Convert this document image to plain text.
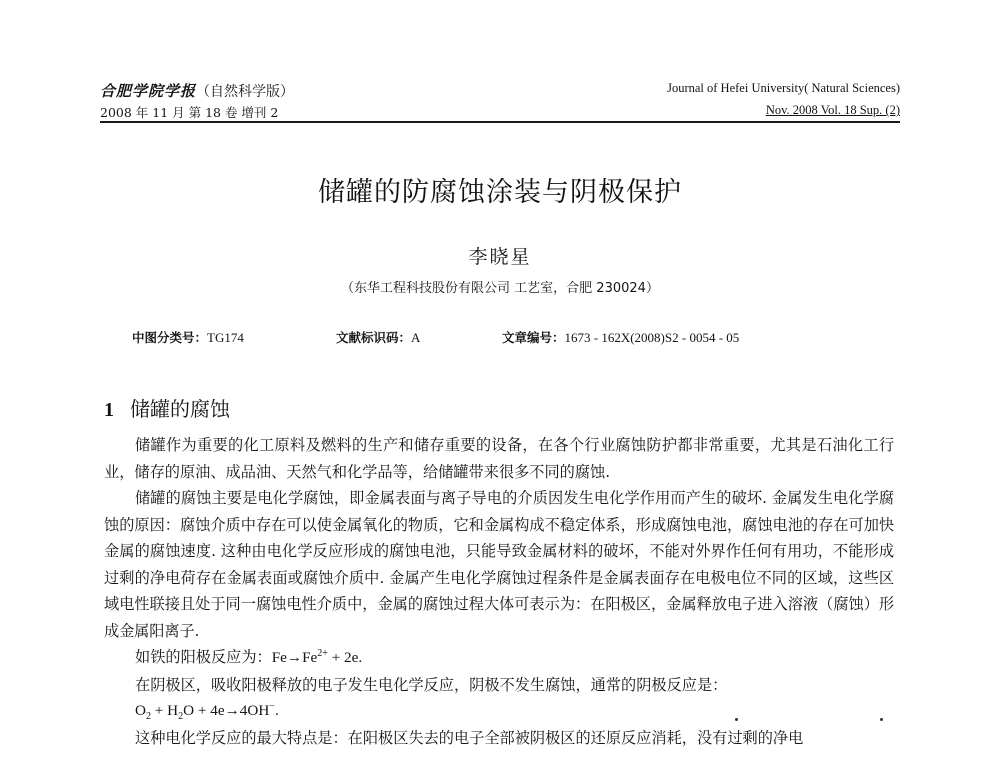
合肥学院学报（自然科学版）
2008 年 11 月 第 18 卷 增刊 2
Journal of Hefei University( Natural Sciences)
Nov. 2008 Vol. 18 Sup. (2)
储罐的防腐蚀涂装与阴极保护
李晓星
（东华工程科技股份有限公司 工艺室，合肥 230024）
中图分类号：TG174	文献标识码：A	文章编号：1673 - 162X(2008)S2 - 0054 - 05
1 储罐的腐蚀

储罐作为重要的化工原料及燃料的生产和储存重要的设备，在各个行业腐蚀防护都非常重要，尤其是石油化工行业，储存的原油、成品油、天然气和化学品等，给储罐带来很多不同的腐蚀.

储罐的腐蚀主要是电化学腐蚀，即金属表面与离子导电的介质因发生电化学作用而产生的破坏. 金属发生电化学腐蚀的原因：腐蚀介质中存在可以使金属氧化的物质，它和金属构成不稳定体系，形成腐蚀电池，腐蚀电池的存在可加快金属的腐蚀速度. 这种由电化学反应形成的腐蚀电池，只能导致金属材料的破坏，不能对外界作任何有用功，不能形成过剩的净电荷存在金属表面或腐蚀介质中. 金属产生电化学腐蚀过程条件是金属表面存在电极电位不同的区域，这些区域电性联接且处于同一腐蚀电性介质中，金属的腐蚀过程大体可表示为：在阳极区，金属释放电子进入溶液（腐蚀）形成金属阳离子.

如铁的阳极反应为：$Fe\to Fe^{2+} + 2e$.

在阴极区，吸收阳极释放的电子发生电化学反应，阴极不发生腐蚀，通常的阴极反应是：

$O_2 + H_2O + 4e\to 4OH^-$.

这种电化学反应的最大特点是：在阳极区失去的电子全部被阴极区的还原反应消耗，没有过剩的净电
